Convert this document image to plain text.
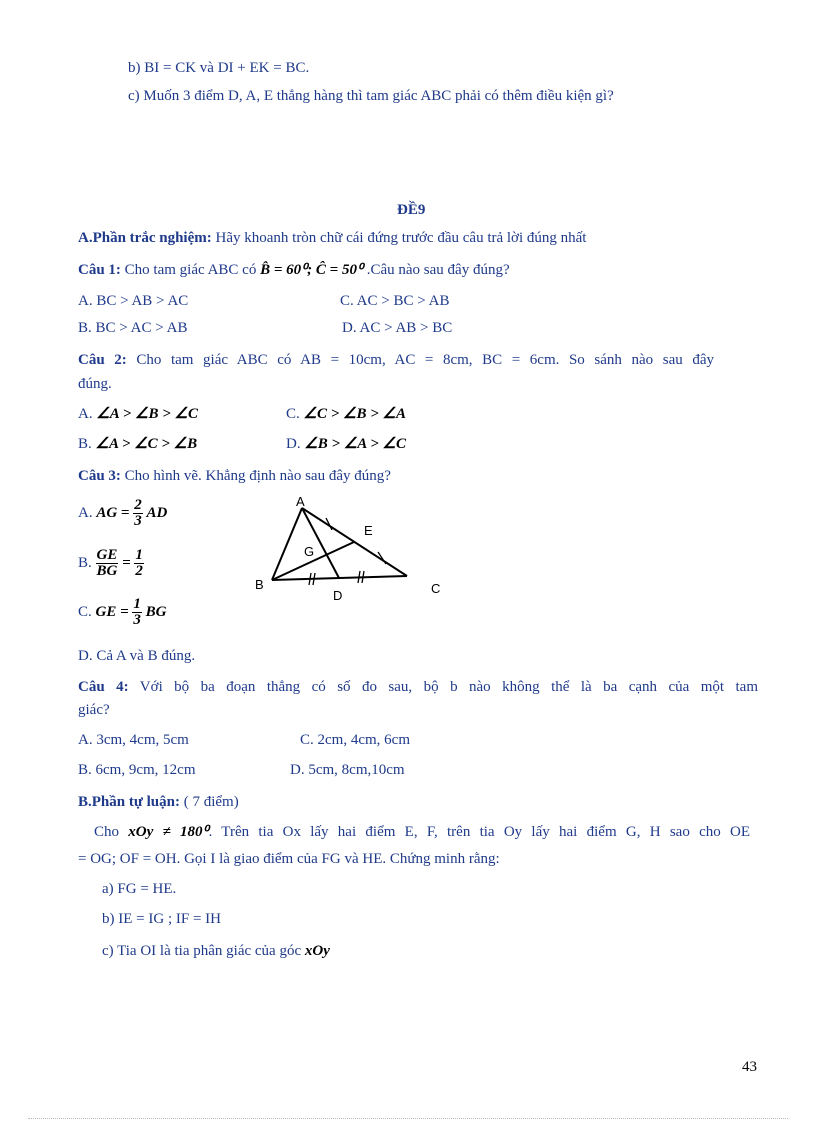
b) BI = CK và DI + EK = BC.
c) Muốn 3 điểm D, A, E thẳng hàng thì tam giác ABC phải có thêm điều kiện gì?
ĐỀ9
A.Phần trắc nghiệm: Hãy khoanh tròn chữ cái đứng trước đầu câu trả lời đúng nhất
Câu 1: Cho tam giác ABC có B̂ = 60⁰; Ĉ = 50⁰ .Câu nào sau đây đúng?
A. BC > AB > AC	C. AC > BC > AB
B. BC > AC > AB	D. AC > AB > BC
Câu 2: Cho tam giác ABC có AB = 10cm, AC = 8cm, BC = 6cm. So sánh nào sau đây
đúng.
A. ∠A > ∠B > ∠C	C. ∠C > ∠B > ∠A
B. ∠A > ∠C > ∠B	D. ∠B > ∠A > ∠C
Câu 3: Cho hình vẽ. Khẳng định nào sau đây đúng?
A. AG = $\frac{2}{3}$ AD
B. $\frac{GE}{BG} = \frac{1}{2}$
C. GE = $\frac{1}{3}$ BG
D. Cả A và B đúng.
A
E
G
B
D	C
Câu 4: Với bộ ba đoạn thẳng có số đo sau, bộ b nào không thể là ba cạnh của một tam
giác?
A. 3cm, 4cm, 5cm	C. 2cm, 4cm, 6cm
B. 6cm, 9cm, 12cm	D. 5cm, 8cm,10cm
B.Phần tự luận: ( 7 điểm)
Cho xOy ≠ 180⁰. Trên tia Ox lấy hai điểm E, F, trên tia Oy lấy hai điểm G, H sao cho OE
= OG; OF = OH. Gọi I là giao điểm của FG và HE. Chứng minh rằng:
a) FG = HE.
b) IE = IG ; IF = IH
c) Tia OI là tia phân giác của góc xOy
43
